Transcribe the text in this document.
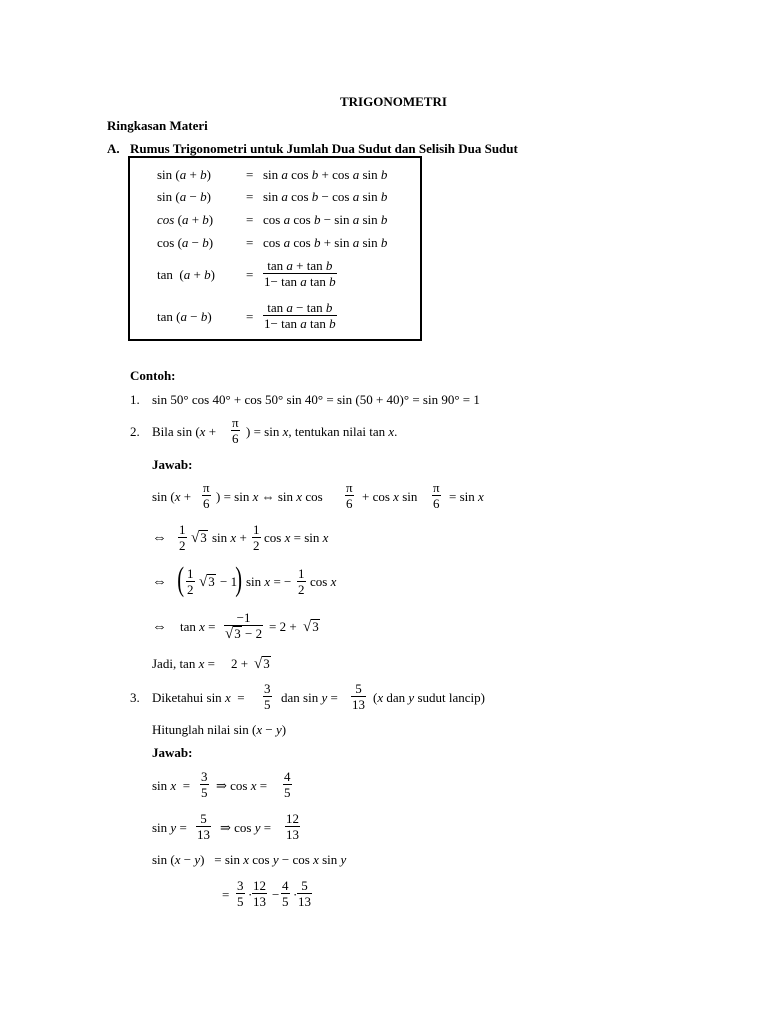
TRIGONOMETRI
Ringkasan Materi
A. Rumus Trigonometri untuk Jumlah Dua Sudut dan Selisih Dua Sudut
sin (a + b)	= sin a cos b + cos a sin b
sin (a − b)	= sin a cos b − cos a sin b
cos (a + b)	= cos a cos b − sin a sin b
cos (a − b)	= cos a cos b + sin a sin b
$\tan (a + b) = \frac{\text{tan a + tan b}}{\text{1− tan a tan b}}$
tan (a − b)	= $\frac{\text{tan a − tan b}}{\text{1− tan a tan b}}$
Contoh:
1. sin 50° cos 40° + cos 50° sin 40° = sin (50 + 40)° = sin 90° = 1
2. Bila $\sin (x + \frac{\pi}{6}$ ) = sin x, tentukan nilai tan x.
Jawab:
$\sin (x + \frac{\pi}{6}$ ) = sin x ⇔ sin x $\cos \frac{\pi}{6} + \cos x$ $\sin \frac{\pi}{6} = \sin x$
⇔ $\frac{1}{2} √3$ $\sin x + \frac{1}{2}$ cos x = sin x
⇔ ( $\frac{1}{2} √3 - 1$
) sin x = − $\frac{1}{2}$ cos x
⇔ $\tan x = \frac{-1}{√3 - 2} = 2 + √3$
Jadi, tan x = 2 + √3
3. Diketahui $\sin x = \frac{3}{5}$ dan $\sin y = \frac{5}{13} (x$ dan y sudut lancip)
Hitunglah nilai sin (x − y)
Jawab:
$\sin x = \frac{3}{5}$ ⇒ $\cos x = \frac{4}{5}$
$\sin y = \frac{5}{13}$ ⇒ $\cos y = \frac{12}{13}$
sin (x − y)   = sin x cos y − cos x sin y
= $\frac{3}{5} \cdot \frac{12}{13} - \frac{4}{5} \cdot \frac{5}{13}$
